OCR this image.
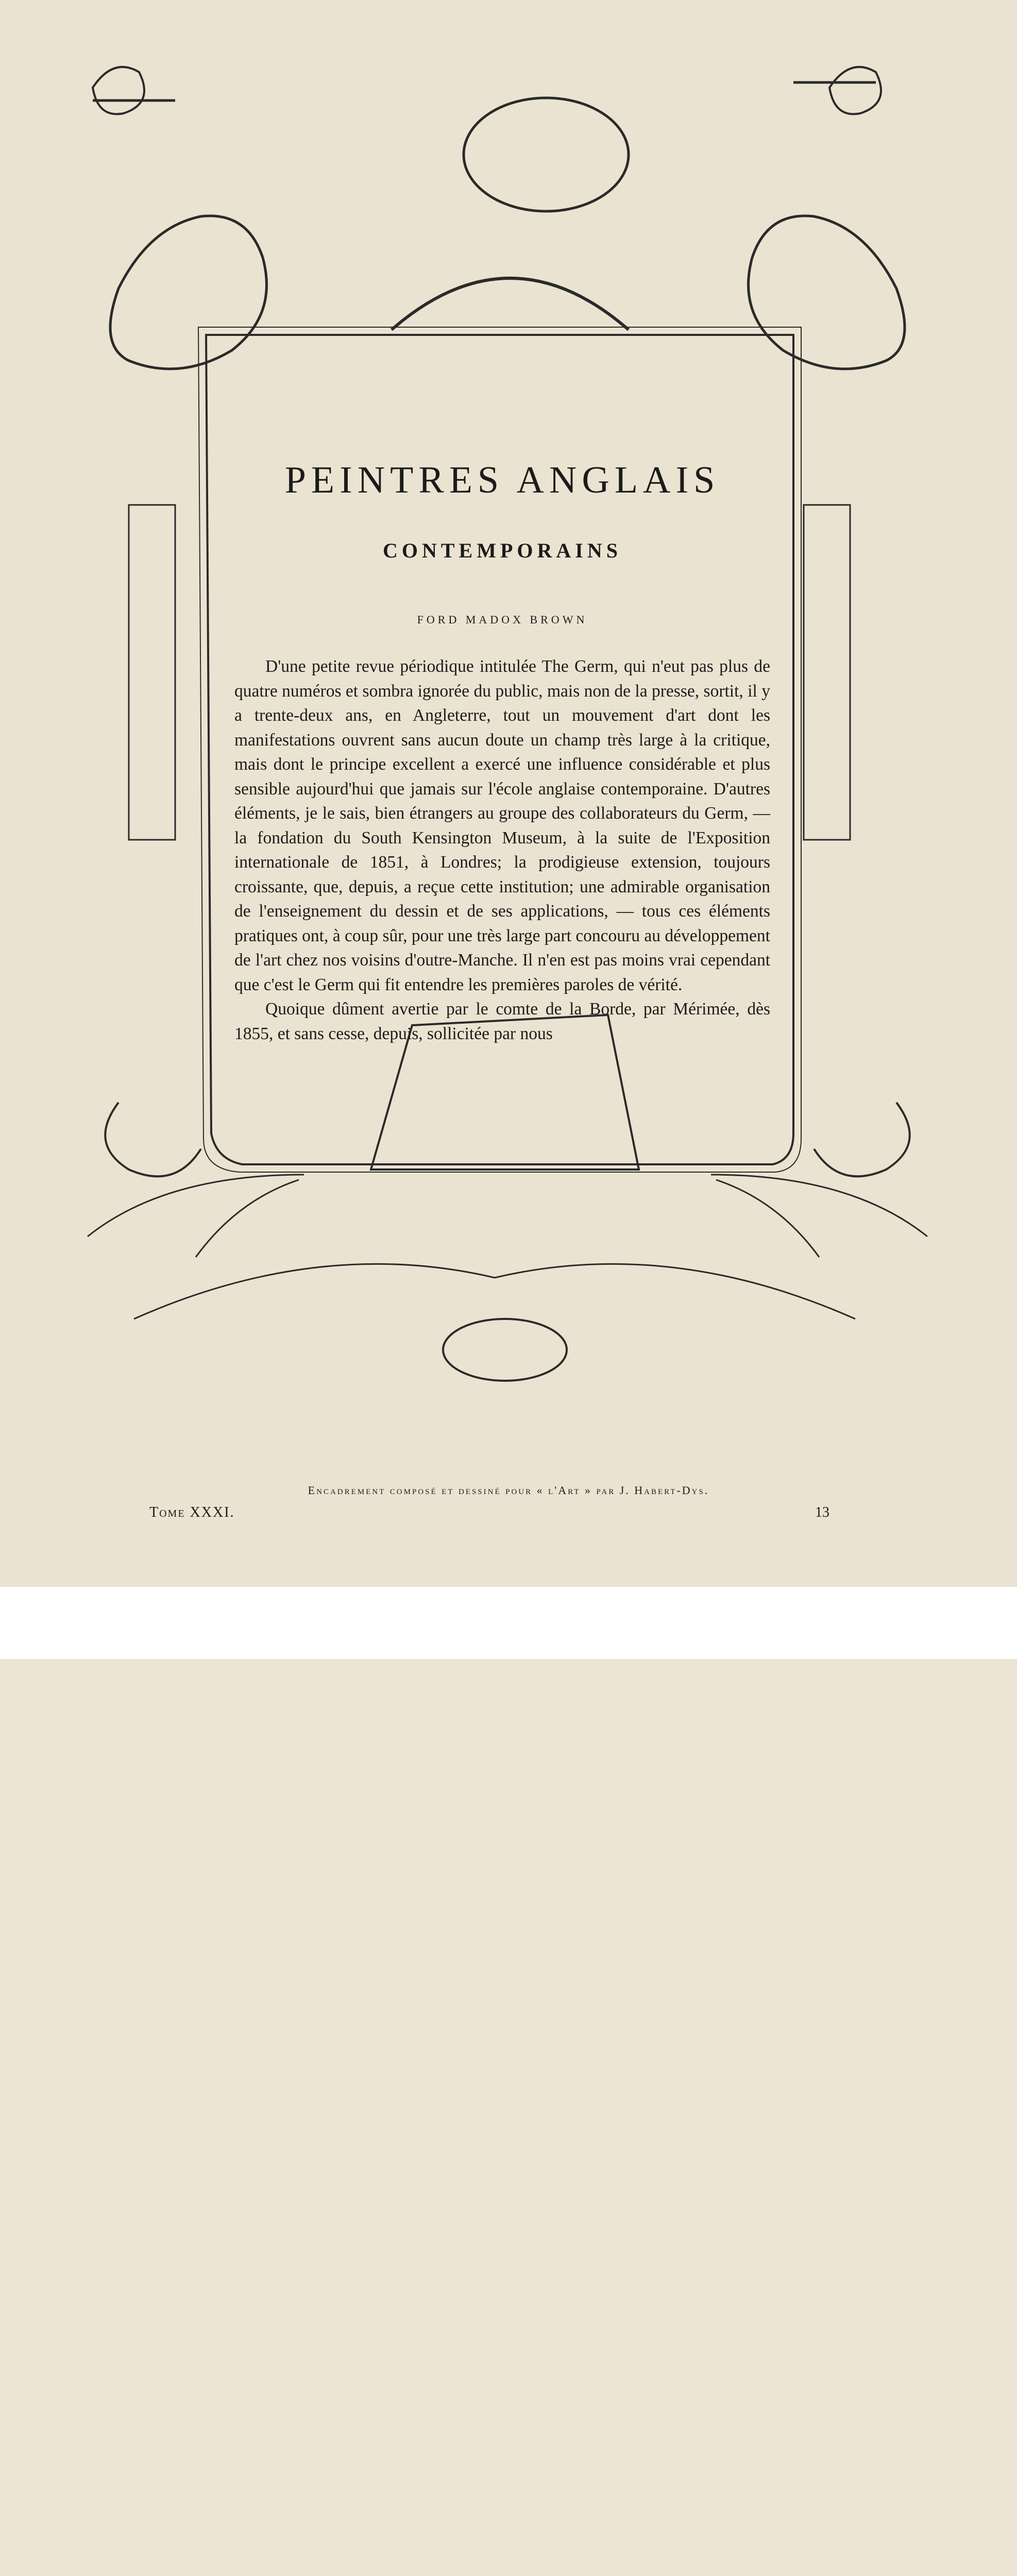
PEINTRES ANGLAIS
CONTEMPORAINS
FORD MADOX BROWN

D'une petite revue périodique intitulée The Germ, qui n'eut pas plus de quatre numéros et sombra ignorée du public, mais non de la presse, sortit, il y a trente-deux ans, en Angleterre, tout un mouvement d'art dont les manifestations ouvrent sans aucun doute un champ très large à la critique, mais dont le principe excellent a exercé une influence considérable et plus sensible aujourd'hui que jamais sur l'école anglaise contemporaine. D'autres éléments, je le sais, bien étrangers au groupe des collaborateurs du Germ, — la fondation du South Kensington Museum, à la suite de l'Exposition internationale de 1851, à Londres; la prodigieuse extension, toujours croissante, que, depuis, a reçue cette institution; une admirable organisation de l'enseignement du dessin et de ses applications, — tous ces éléments pratiques ont, à coup sûr, pour une très large part concouru au développement de l'art chez nos voisins d'outre-Manche. Il n'en est pas moins vrai cependant que c'est le Germ qui fit entendre les premières paroles de vérité.

Quoique dûment avertie par le comte de la Borde, par Mérimée, dès 1855, et sans cesse, depuis, sollicitée par nous

Encadrement composé et dessiné pour « l'Art » par J. Habert-Dys.
Tome XXXI.	13
